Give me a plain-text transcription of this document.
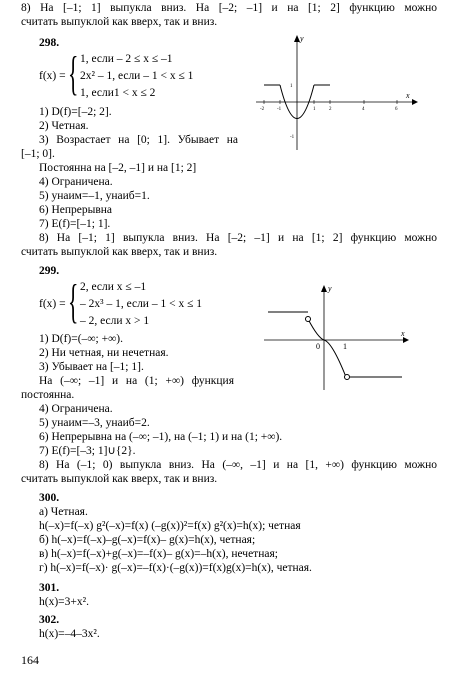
8) На [–1; 1] выпукла вниз. На [–2; –1] и на [1; 2] функцию можно
считать выпуклой как вверх, так и вниз.
298.
f(x) = { 1, если – 2 ≤ x ≤ –1
2x² – 1, если – 1 < x ≤ 1
1, если1 < x ≤ 2
1) D(f)=[–2; 2].
2) Четная.
3) Возрастает на [0; 1]. Убывает на
[–1; 0].
Постоянна на [–2, –1] и на [1; 2]
4) Ограничена.
5) yнаим=–1, yнаиб=1.
6) Непрерывна
7) E(f)=[–1; 1].
8) На [–1; 1] выпукла вниз. На [–2; –1] и на [1; 2] функцию можно
считать выпуклой как вверх, так и вниз.
x
y
-2	-1	1	2	4	6
1
-1
299.
f(x) = { 2, если x ≤ –1
– 2x³ – 1, если – 1 < x ≤ 1
– 2, если x > 1
1) D(f)=(–∞; +∞).
2) Ни четная, ни нечетная.
3) Убывает на [–1; 1].
На (–∞; –1] и на (1; +∞) функция
постоянна.
4) Ограничена.
5) yнаим=–3, yнаиб=2.
6) Непрерывна на (–∞; –1), на (–1; 1) и на (1; +∞).
7) E(f)=[–3; 1]∪{2}.
8) На (–1; 0) выпукла вниз. На (–∞, –1] и на [1, +∞) функцию можно
считать выпуклой как вверх, так и вниз.
x
y
0	1
300.
а) Четная.
h(–x)=f(–x) g²(–x)=f(x) (–g(x))²=f(x) g²(x)=h(x); четная
б) h(–x)=f(–x)–g(–x)=f(x)– g(x)=h(x), четная;
в) h(–x)=f(–x)+g(–x)=–f(x)– g(x)=–h(x), нечетная;
г) h(–x)=f(–x)· g(–x)=–f(x)·(–g(x))=f(x)g(x)=h(x), четная.
301.
h(x)=3+x².
302.
h(x)=–4–3x².
164
